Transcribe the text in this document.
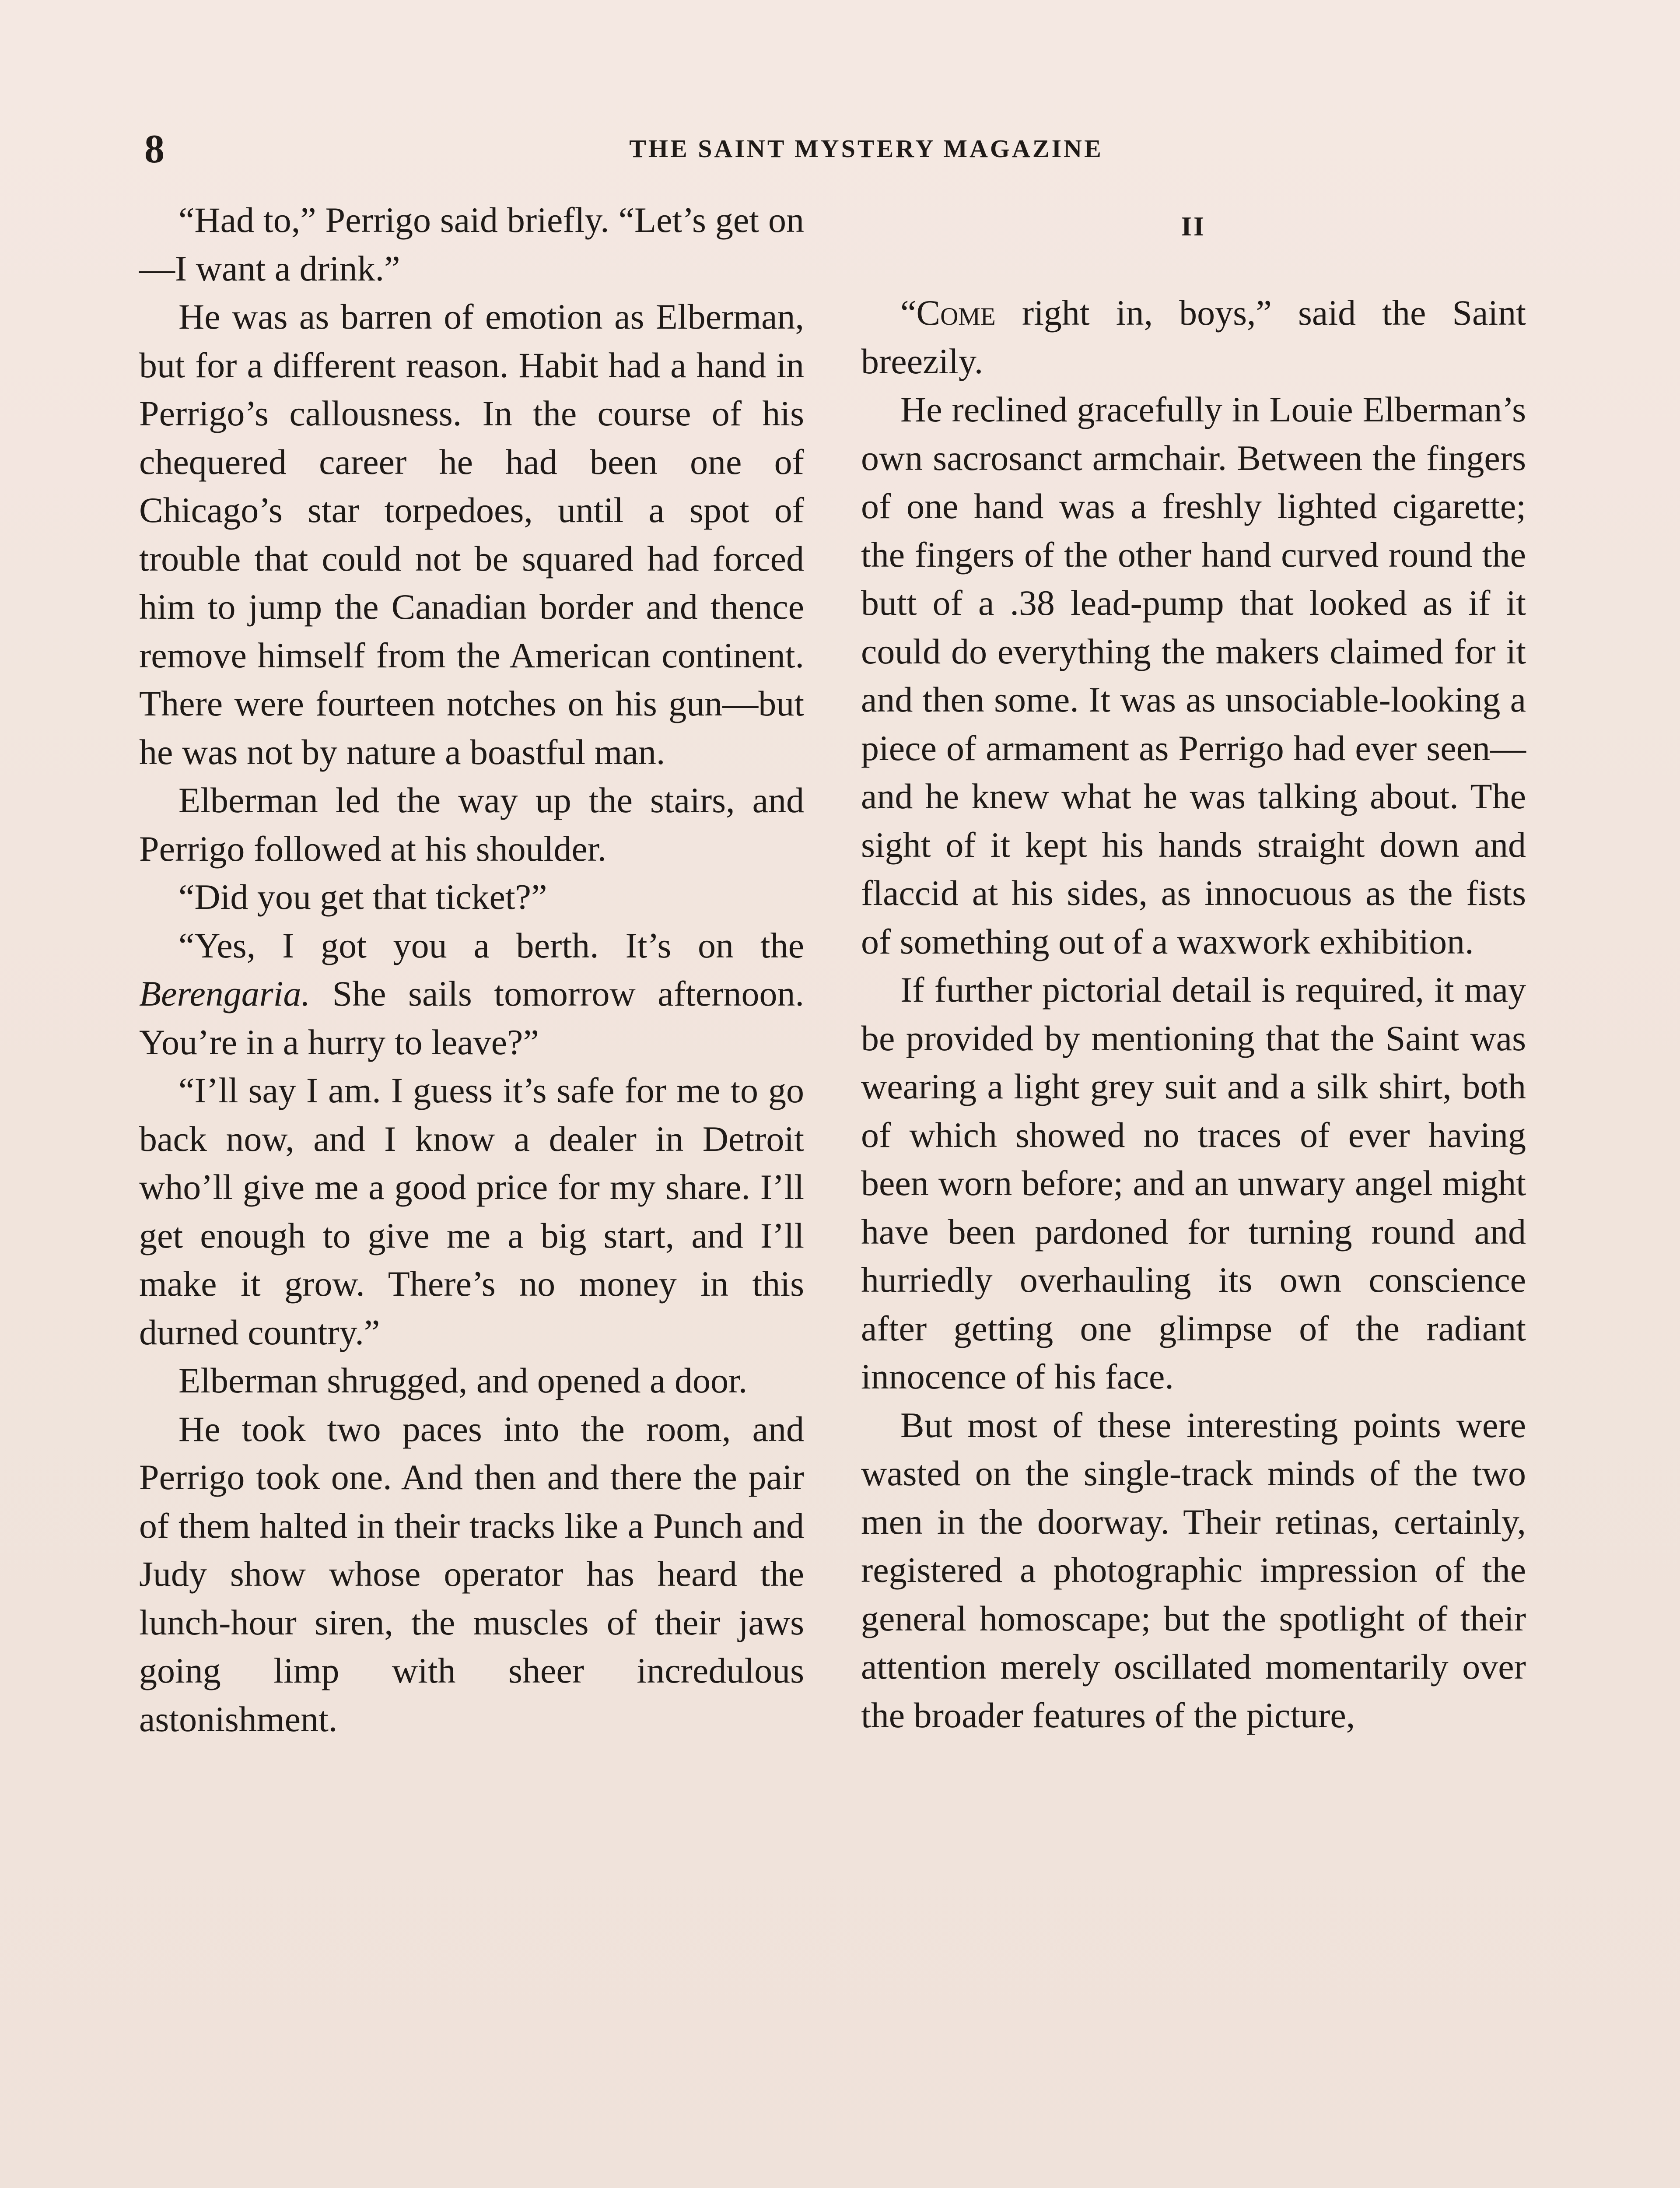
8	THE SAINT MYSTERY MAGAZINE

“Had to,” Perrigo said briefly. “Let’s get on—I want a drink.”

He was as barren of emotion as Elberman, but for a different reason. Habit had a hand in Perrigo’s callousness. In the course of his chequered career he had been one of Chicago’s star torpedoes, until a spot of trouble that could not be squared had forced him to jump the Canadian border and thence remove himself from the American continent. There were fourteen notches on his gun—but he was not by nature a boastful man.

Elberman led the way up the stairs, and Perrigo followed at his shoulder.

“Did you get that ticket?”

“Yes, I got you a berth. It’s on the Berengaria. She sails tomorrow afternoon. You’re in a hurry to leave?”

“I’ll say I am. I guess it’s safe for me to go back now, and I know a dealer in Detroit who’ll give me a good price for my share. I’ll get enough to give me a big start, and I’ll make it grow. There’s no money in this durned country.”

Elberman shrugged, and opened a door.

He took two paces into the room, and Perrigo took one. And then and there the pair of them halted in their tracks like a Punch and Judy show whose operator has heard the lunch-hour siren, the muscles of their jaws going limp with sheer incredulous astonishment.

II

“Come right in, boys,” said the Saint breezily.

He reclined gracefully in Louie Elberman’s own sacrosanct armchair. Between the fingers of one hand was a freshly lighted cigarette; the fingers of the other hand curved round the butt of a .38 lead-pump that looked as if it could do everything the makers claimed for it and then some. It was as unsociable-looking a piece of armament as Perrigo had ever seen—and he knew what he was talking about. The sight of it kept his hands straight down and flaccid at his sides, as innocuous as the fists of something out of a waxwork exhibition.

If further pictorial detail is required, it may be provided by mentioning that the Saint was wearing a light grey suit and a silk shirt, both of which showed no traces of ever having been worn before; and an unwary angel might have been pardoned for turning round and hurriedly overhauling its own conscience after getting one glimpse of the radiant innocence of his face.

But most of these interesting points were wasted on the single-track minds of the two men in the doorway. Their retinas, certainly, registered a photographic impression of the general homoscape; but the spotlight of their attention merely oscillated momentarily over the broader features of the picture,
